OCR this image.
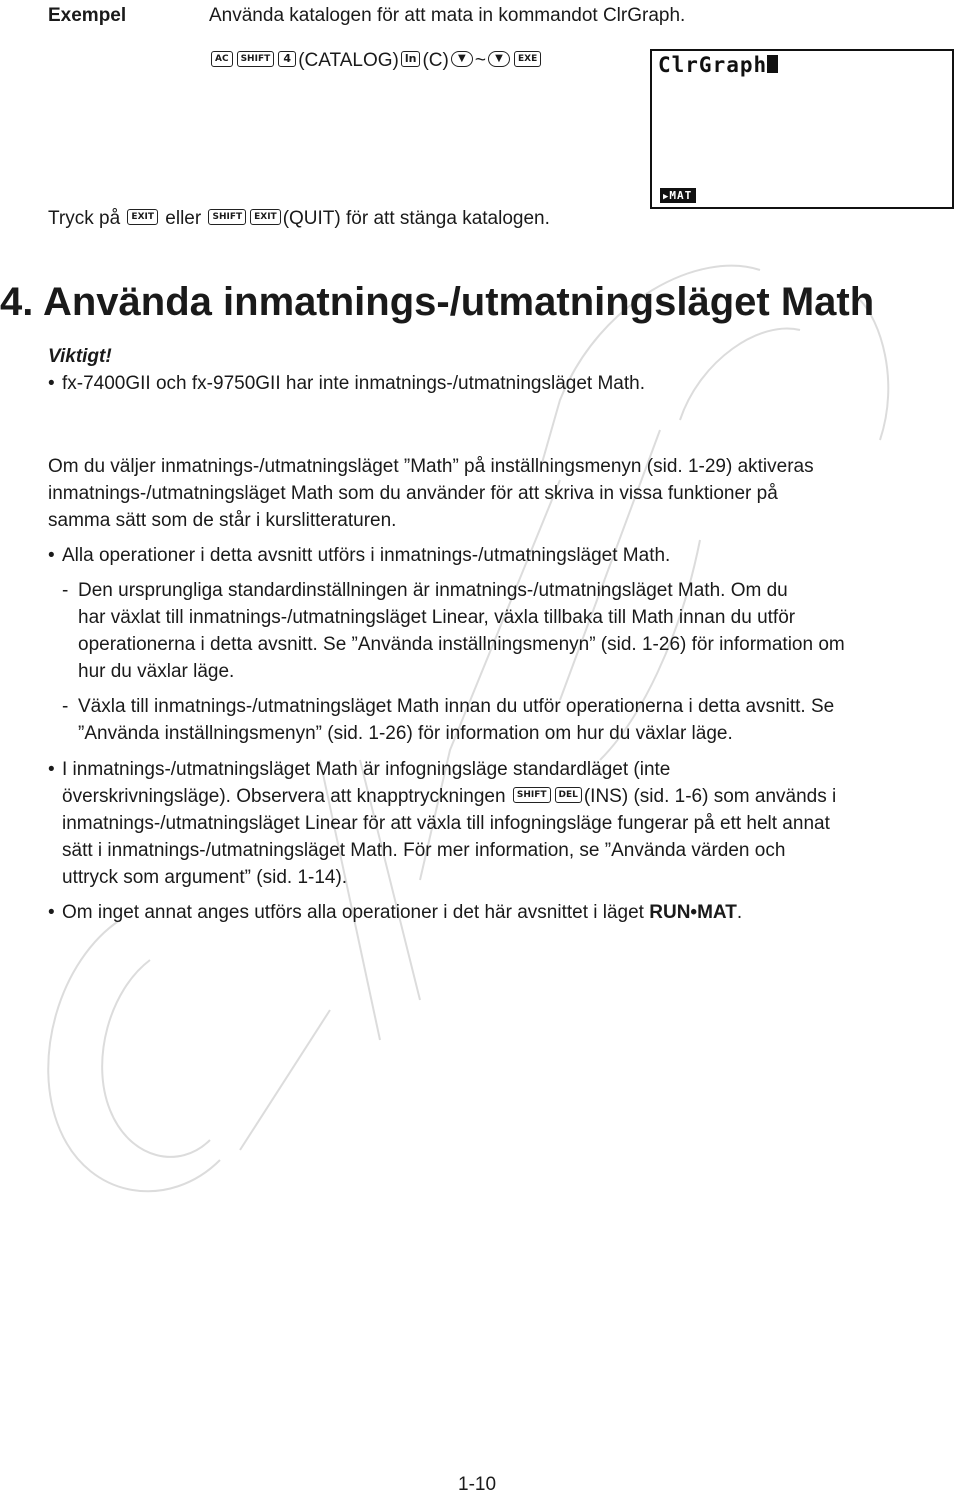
Exempel	Använda katalogen för att mata in kommandot ClrGraph.
AC SHIFT 4 (CATALOG) ln (C) ▼ ~ ▼ EXE	ClrGraph
▶MAT
Tryck på EXIT eller SHIFT EXIT (QUIT) för att stänga katalogen.
4. Använda inmatnings-/utmatningsläget Math
Viktigt!
• fx-7400GII och fx-9750GII har inte inmatnings-/utmatningsläget Math.
Om du väljer inmatnings-/utmatningsläget ”Math” på inställningsmenyn (sid. 1-29) aktiveras
inmatnings-/utmatningsläget Math som du använder för att skriva in vissa funktioner på
samma sätt som de står i kurslitteraturen.
• Alla operationer i detta avsnitt utförs i inmatnings-/utmatningsläget Math.
- Den ursprungliga standardinställningen är inmatnings-/utmatningsläget Math. Om du
har växlat till inmatnings-/utmatningsläget Linear, växla tillbaka till Math innan du utför
operationerna i detta avsnitt. Se ”Använda inställningsmenyn” (sid. 1-26) för information om
hur du växlar läge.
- Växla till inmatnings-/utmatningsläget Math innan du utför operationerna i detta avsnitt. Se
”Använda inställningsmenyn” (sid. 1-26) för information om hur du växlar läge.
• I inmatnings-/utmatningsläget Math är infogningsläge standardläget (inte
överskrivningsläge). Observera att knapptryckningen SHIFT DEL (INS) (sid. 1-6) som används i
inmatnings-/utmatningsläget Linear för att växla till infogningsläge fungerar på ett helt annat
sätt i inmatnings-/utmatningsläget Math. För mer information, se ”Använda värden och
uttryck som argument” (sid. 1-14).
• Om inget annat anges utförs alla operationer i det här avsnittet i läget RUN•MAT.
1-10
